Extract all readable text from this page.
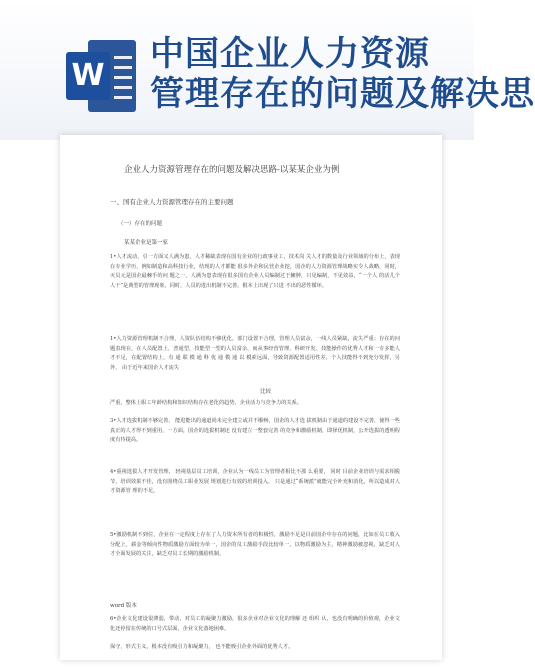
W
中国企业人力资源
管理存在的问题及解决思
企业人力资源管理存在的问题及解决思路-以某某企业为例
一、国有企业人力资源管理存在的主要问题
（一）存在的问题
某某企业是第一家

1•人才流动，引一方面又人满为患，人才稀缺表现在国有企业的行政事业工，技术岗 关人才的数量及行业领域的分布上，表现在专业学历，例如制造和高科技行业，结现的人才都能 很多外企和民营企业挖，国企的人力资源管理战略实令人战略，同时，灭员元是国企最棘手的问 题之一，人满为患表现在很多国有企业人员编制过于臃肿，只见编制，不见效益，“一个人 的活儿个人干”是典型的管理现象，同时，人员的进出机制不完善，根本上出现了只进 不出的恶性循环。

1•人力资源管理机制不合理，人资队伍结构不够优化，部门设置不合理，管理人员富余，一线人员紧缺，流失严重；存在的问题表现在，在人员配置上，普通型，技能型一型的人员富余，而从事经营管理、科研开发、技能操作的优秀人才和一专多能人才不足，在配置结构上，有 通 联 模 通 科 优 通 模 通 以 模索远面，导致资源配置适用性差，个人技能得不到充分发挥，另外， 由于近年来国企人才流失

比较

严重，整体上职工年龄结构和知识结构存在老化的趋势，企业活力与竞争力的关系。

3•人才选拔机制不够完善， 能进能出的通道尚未完全建立或并不顺畅，国企的人才选 拔机制由于通道的建设不完善，使得一些真正的人才得不到重用，一方面，国企的选拔机制还 没有建立一整套完善 的竞争和激励机制，即择优机制，公开选拔的透明程度有待提高。

4•重视选拔人才开发管理， 轻视基层员工培训，企业认为一线员工为管理者相比不那 么重要， 同时 目前企业培训与需求相脱节，培训效果不佳，没有围绕员工职业发展 规划进行有效的培训投入， 只是通过“系统派”就能完全补充和消化，所以造成对人才资源管 理的不足。

5•激励机制不到位，企业在一定程度上存在了人力资本所有者的积极性，激励不足是目前国企中存在的问题，比如在员工收入分配上，薪金等倾向性物质激励方面较为单一，国企的员工激励手段比较单一，以物质激励为主，精神激励被忽视，缺乏对人才全面发展的关注，缺乏对员工长期的激励机制。

word 版本

6•企业文化建设很薄弱，带动，对员工的凝聚力激励，很多企业对企业文化的理解 还 组织 认，也没有明确的价值观，企业文化还停留在传统的口号式层面，企业文化落地困难。

保守，形式主义，根本没有吸引力和凝聚力， 也不能吸引企业外面的优秀人才。
